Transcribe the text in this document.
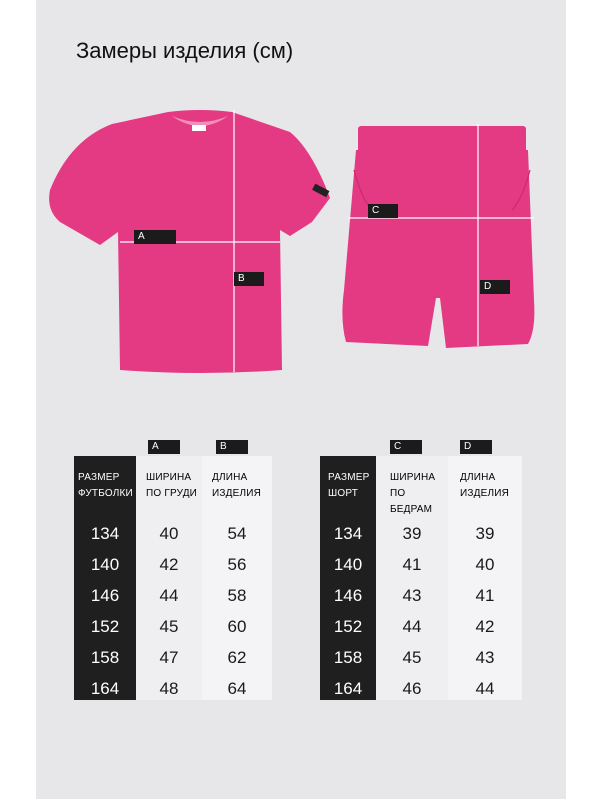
Замеры изделия (см)
A
B
C
D
A	B
РАЗМЕР
ФУТБОЛКИ
134
140
146
152
158
164
ШИРИНА
ПО ГРУДИ
40
42
44
45
47
48
ДЛИНА
ИЗДЕЛИЯ
54
56
58
60
62
64
C	D
РАЗМЕР
ШОРТ
134
140
146
152
158
164
ШИРИНА
ПО БЕДРАМ
39
41
43
44
45
46
ДЛИНА
ИЗДЕЛИЯ
39
40
41
42
43
44
